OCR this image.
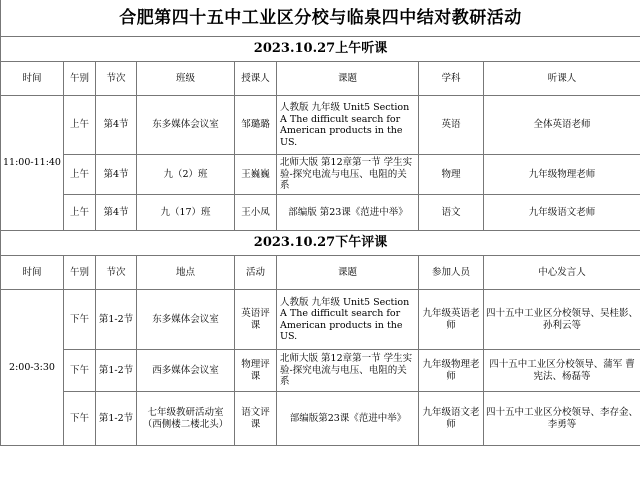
合肥第四十五中工业区分校与临泉四中结对教研活动							
2023.10.27上午听课							
时间	午别	节次	班级	授课人	课题	学科	听课人
11:00-11:40	上午	第4节	东多媒体会议室	邹璐璐	人教版 九年级 Unit5 Section A The difficult search for American products in the US.	英语	全体英语老师
	上午	第4节	九（2）班	王巍巍	北师大版 第12章第一节 学生实验-探究电流与电压、电阻的关系	物理	九年级物理老师
	上午	第4节	九（17）班	王小凤	部编版 第23课《范进中举》	语文	九年级语文老师
2023.10.27下午评课							
时间	午别	节次	地点	活动	课题	参加人员	中心发言人
2:00-3:30	下午	第1-2节	东多媒体会议室	英语评课	人教版 九年级 Unit5 Section A The difficult search for American products in the US.	九年级英语老师	四十五中工业区分校领导、吴桂影、孙利云等
	下午	第1-2节	西多媒体会议室	物理评课	北师大版 第12章第一节 学生实验-探究电流与电压、电阻的关系	九年级物理老师	四十五中工业区分校领导、蒲军 曹宪法、杨磊等
	下午	第1-2节	七年级教研活动室（西侧楼二楼北头）	语文评课	部编版第23课《范进中举》	九年级语文老师	四十五中工业区分校领导、李存金、李勇等
